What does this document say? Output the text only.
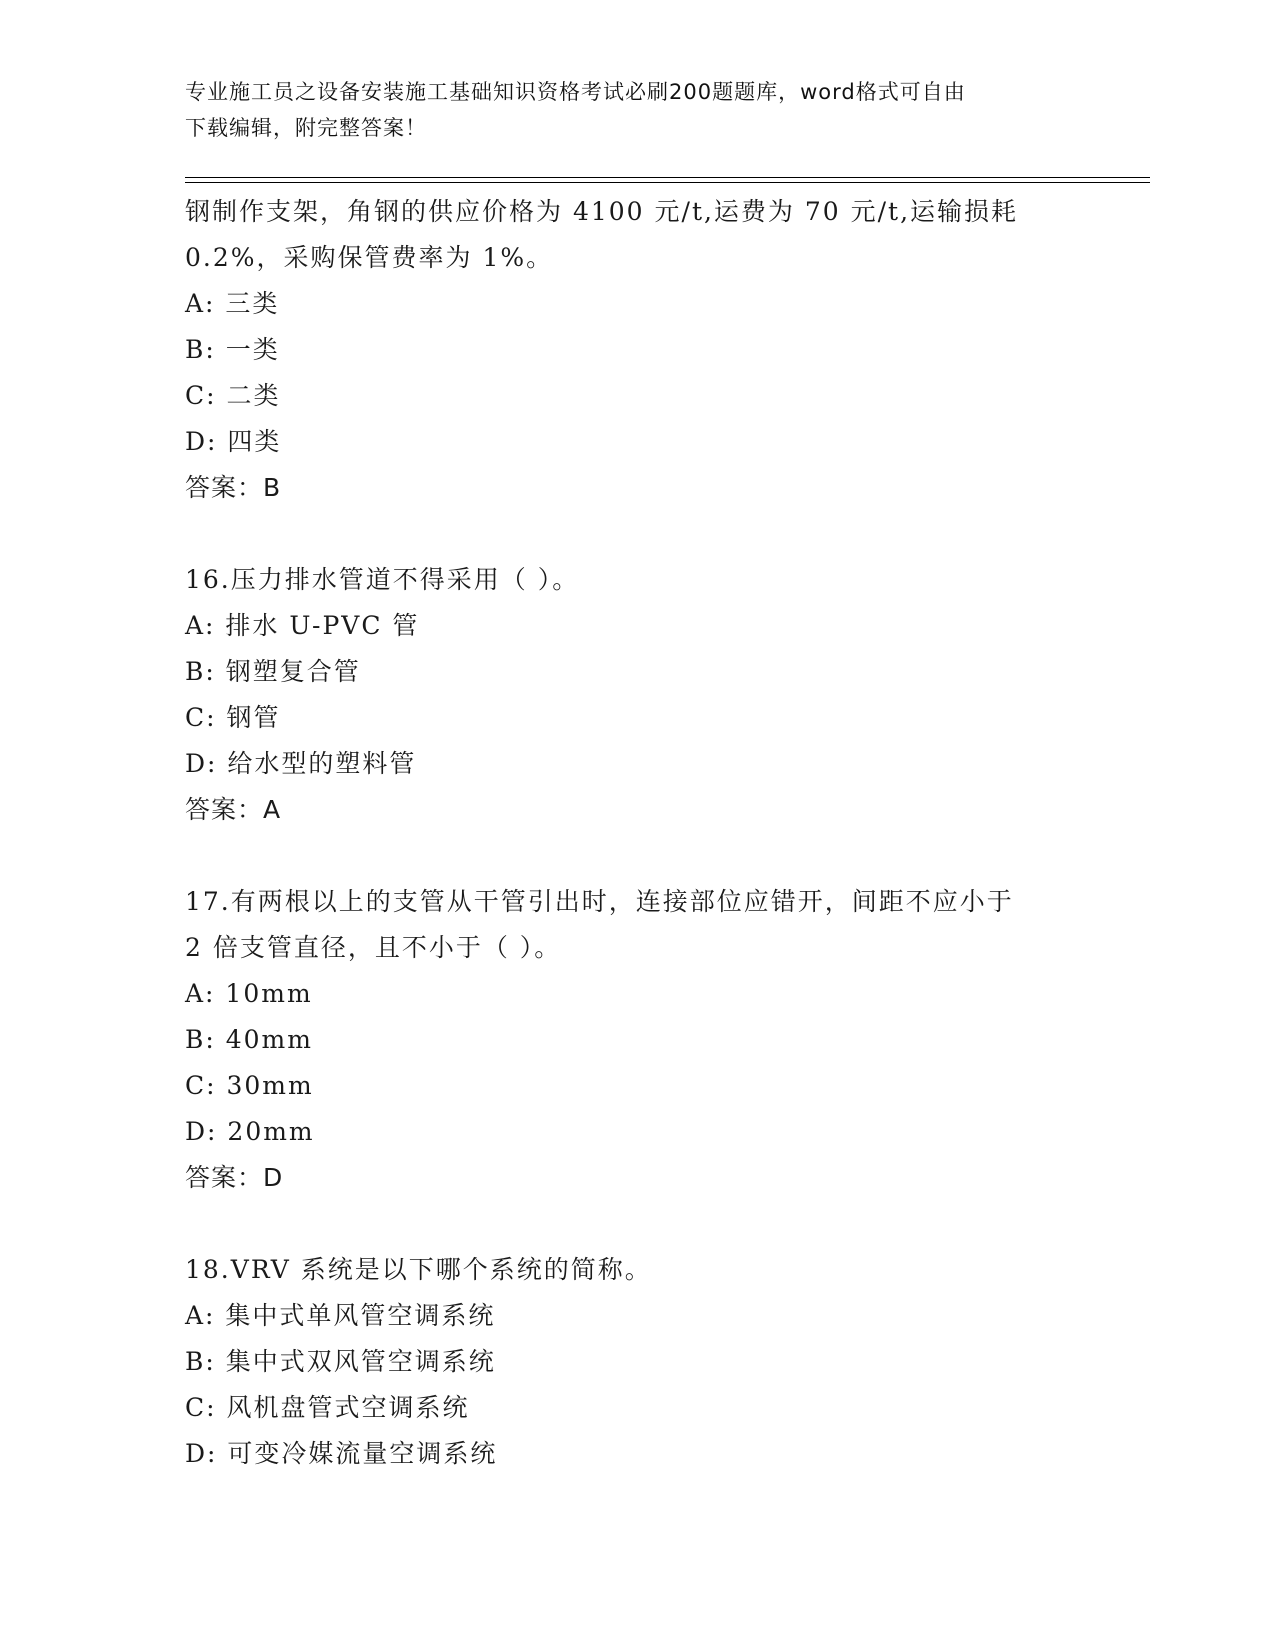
专业施工员之设备安装施工基础知识资格考试必刷200题题库，word格式可自由
下载编辑，附完整答案！
钢制作支架，角钢的供应价格为 4100 元/t,运费为 70 元/t,运输损耗
0.2%，采购保管费率为 1%。
A: 三类
B: 一类
C: 二类
D: 四类
答案：B
16.压力排水管道不得采用（ ）。
A: 排水 U-PVC 管
B: 钢塑复合管
C: 钢管
D: 给水型的塑料管
答案：A
17.有两根以上的支管从干管引出时，连接部位应错开，间距不应小于
2 倍支管直径，且不小于（ ）。
A: 10mm
B: 40mm
C: 30mm
D: 20mm
答案：D
18.VRV 系统是以下哪个系统的简称。
A: 集中式单风管空调系统
B: 集中式双风管空调系统
C: 风机盘管式空调系统
D: 可变冷媒流量空调系统
